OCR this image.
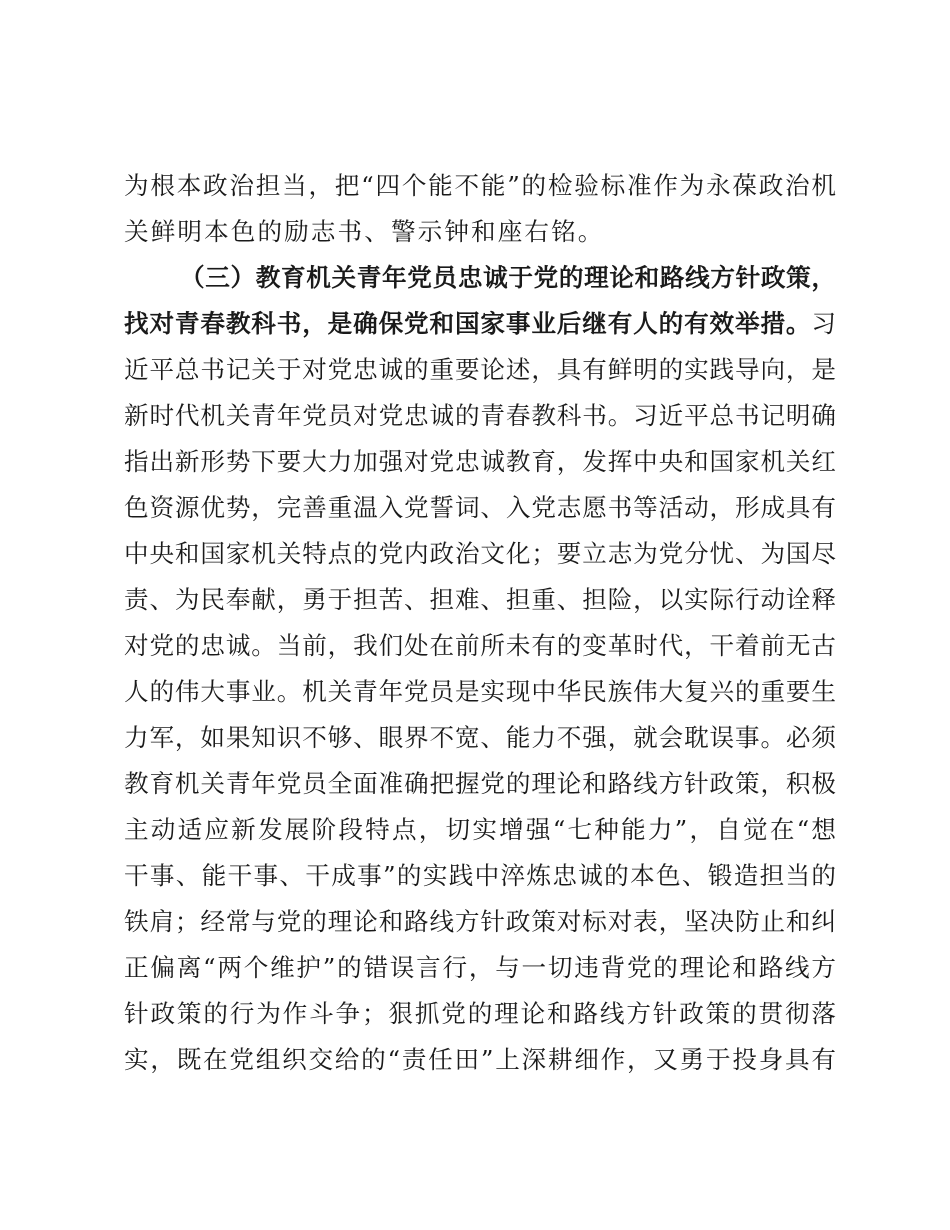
为根本政治担当，把“四个能不能”的检验标准作为永葆政治机
关鲜明本色的励志书、警示钟和座右铭。
（三）教育机关青年党员忠诚于党的理论和路线方针政策，
找对青春教科书，是确保党和国家事业后继有人的有效举措。习
近平总书记关于对党忠诚的重要论述，具有鲜明的实践导向，是
新时代机关青年党员对党忠诚的青春教科书。习近平总书记明确
指出新形势下要大力加强对党忠诚教育，发挥中央和国家机关红
色资源优势，完善重温入党誓词、入党志愿书等活动，形成具有
中央和国家机关特点的党内政治文化；要立志为党分忧、为国尽
责、为民奉献，勇于担苦、担难、担重、担险，以实际行动诠释
对党的忠诚。当前，我们处在前所未有的变革时代，干着前无古
人的伟大事业。机关青年党员是实现中华民族伟大复兴的重要生
力军，如果知识不够、眼界不宽、能力不强，就会耽误事。必须
教育机关青年党员全面准确把握党的理论和路线方针政策，积极
主动适应新发展阶段特点，切实增强“七种能力”，自觉在“想
干事、能干事、干成事”的实践中淬炼忠诚的本色、锻造担当的
铁肩；经常与党的理论和路线方针政策对标对表，坚决防止和纠
正偏离“两个维护”的错误言行，与一切违背党的理论和路线方
针政策的行为作斗争；狠抓党的理论和路线方针政策的贯彻落
实，既在党组织交给的“责任田”上深耕细作，又勇于投身具有
